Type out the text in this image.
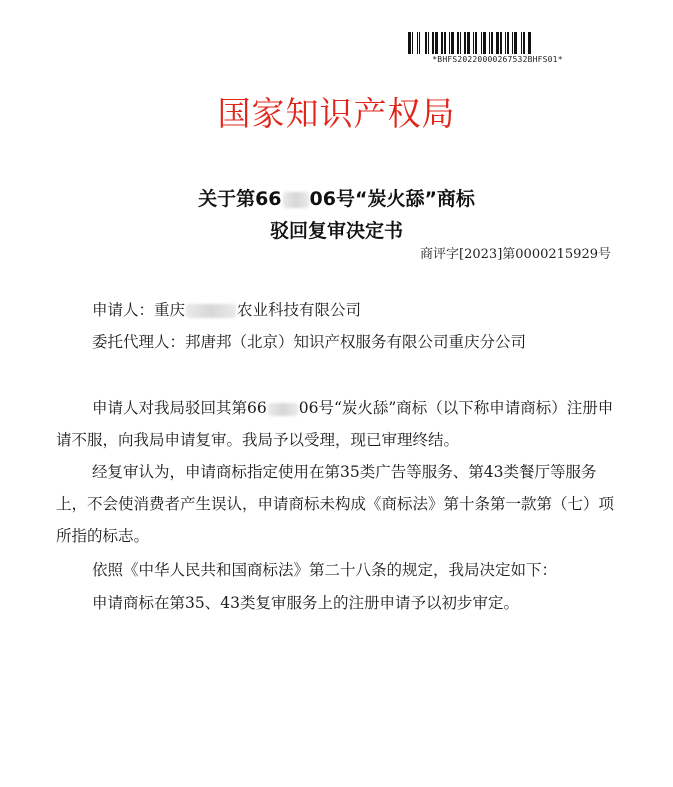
*BHFS20220000267532BHFS01*
国家知识产权局
关于第66 06号“炭火舔”商标
驳回复审决定书
商评字[2023]第0000215929号
申请人：重庆	农业科技有限公司
委托代理人：邦唐邦（北京）知识产权服务有限公司重庆分公司
申请人对我局驳回其第66 06号“炭火舔”商标（以下称申请商标）注册申请不服，向我局申请复审。我局予以受理，现已审理终结。
经复审认为，申请商标指定使用在第35类广告等服务、第43类餐厅等服务上，不会使消费者产生误认，申请商标未构成《商标法》第十条第一款第（七）项所指的标志。
依照《中华人民共和国商标法》第二十八条的规定，我局决定如下：
申请商标在第35、43类复审服务上的注册申请予以初步审定。
